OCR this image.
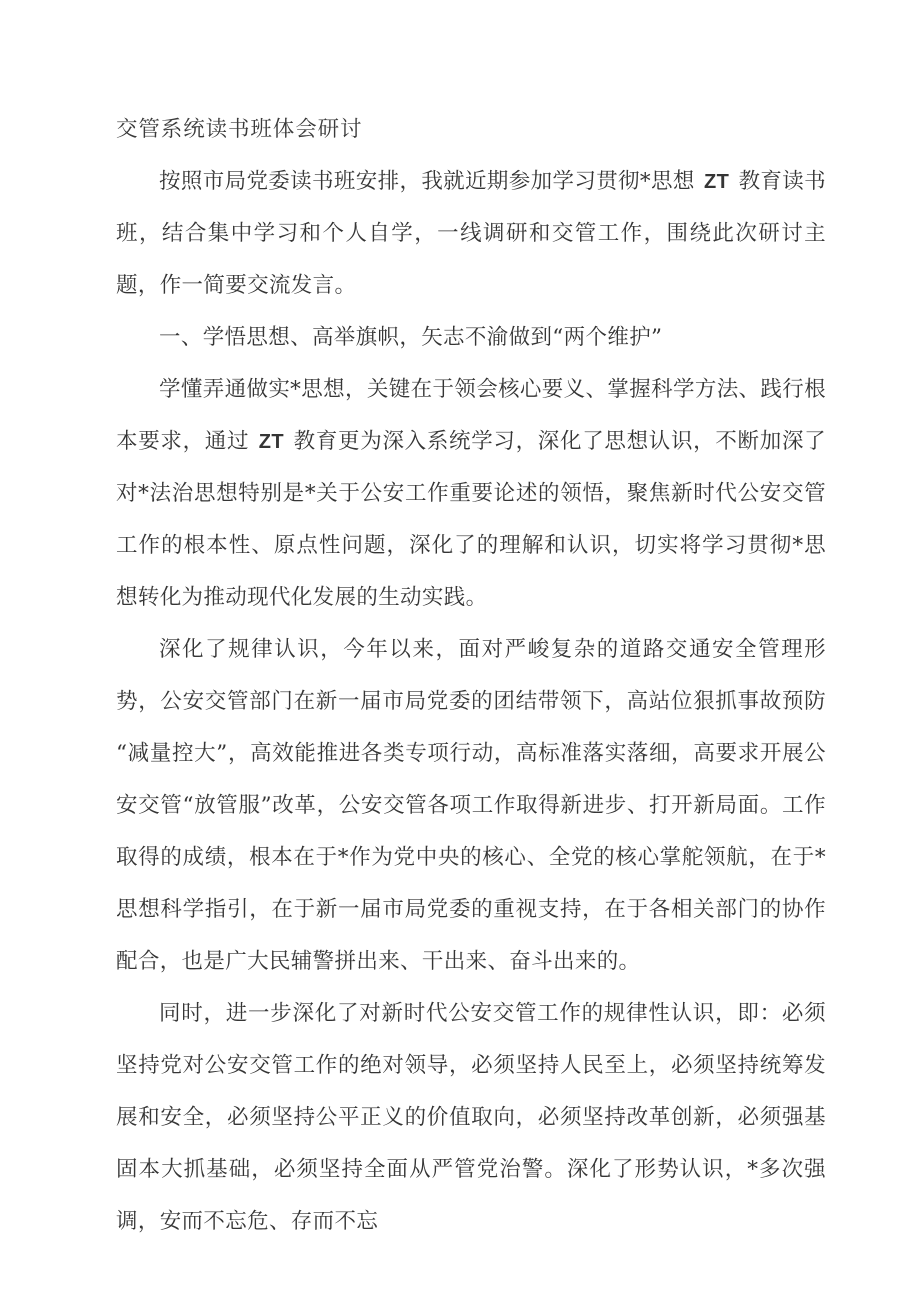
交管系统读书班体会研讨

按照市局党委读书班安排，我就近期参加学习贯彻*思想 ZT 教育读书班，结合集中学习和个人自学，一线调研和交管工作，围绕此次研讨主题，作一简要交流发言。

一、学悟思想、高举旗帜，矢志不渝做到“两个维护”

学懂弄通做实*思想，关键在于领会核心要义、掌握科学方法、践行根本要求，通过 ZT 教育更为深入系统学习，深化了思想认识，不断加深了对*法治思想特别是*关于公安工作重要论述的领悟，聚焦新时代公安交管工作的根本性、原点性问题，深化了的理解和认识，切实将学习贯彻*思想转化为推动现代化发展的生动实践。

深化了规律认识，今年以来，面对严峻复杂的道路交通安全管理形势，公安交管部门在新一届市局党委的团结带领下，高站位狠抓事故预防“减量控大”，高效能推进各类专项行动，高标准落实落细，高要求开展公安交管“放管服”改革，公安交管各项工作取得新进步、打开新局面。工作取得的成绩，根本在于*作为党中央的核心、全党的核心掌舵领航，在于*思想科学指引，在于新一届市局党委的重视支持，在于各相关部门的协作配合，也是广大民辅警拼出来、干出来、奋斗出来的。

同时，进一步深化了对新时代公安交管工作的规律性认识，即：必须坚持党对公安交管工作的绝对领导，必须坚持人民至上，必须坚持统筹发展和安全，必须坚持公平正义的价值取向，必须坚持改革创新，必须强基固本大抓基础，必须坚持全面从严管党治警。深化了形势认识，*多次强调，安而不忘危、存而不忘
